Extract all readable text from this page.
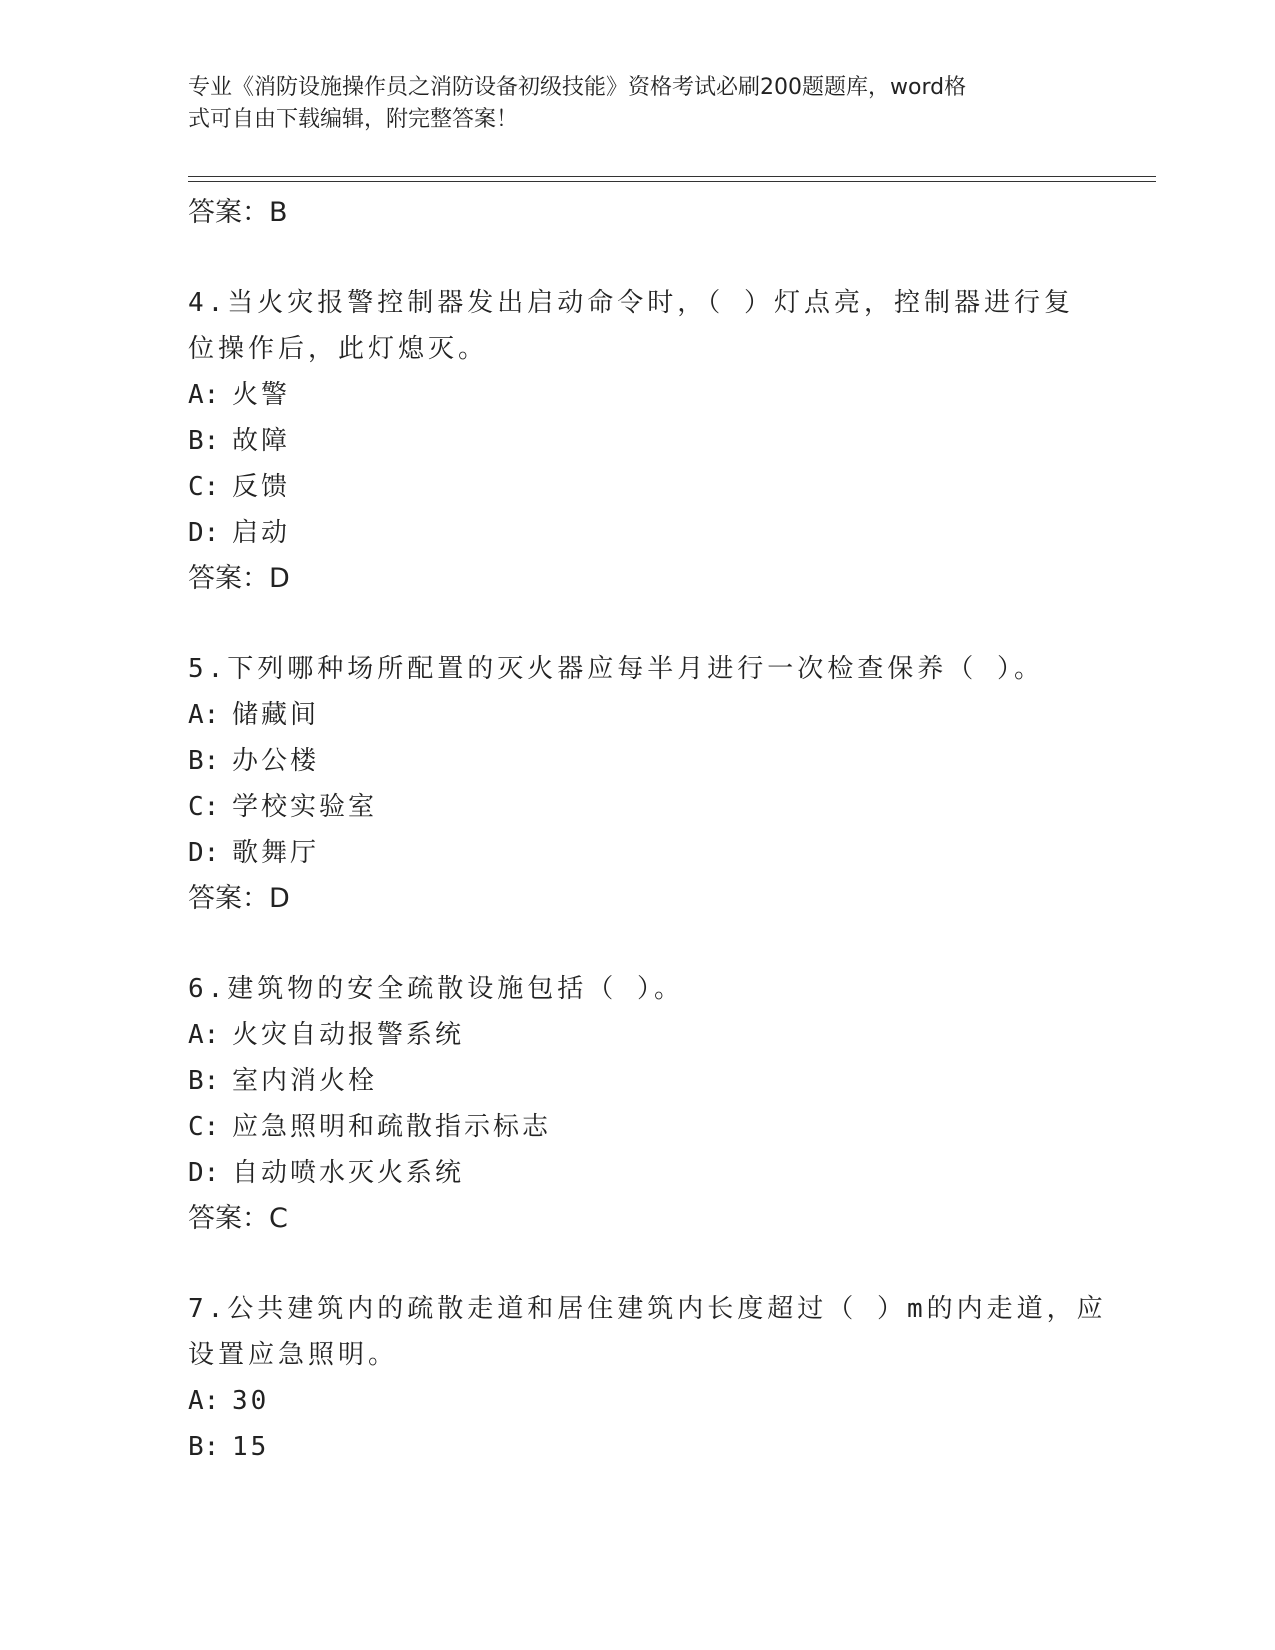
专业《消防设施操作员之消防设备初级技能》资格考试必刷200题题库，word格
式可自由下载编辑，附完整答案！
答案：B
4.当火灾报警控制器发出启动命令时，（ ）灯点亮，控制器进行复
位操作后，此灯熄灭。
A: 火警
B: 故障
C: 反馈
D: 启动
答案：D
5.下列哪种场所配置的灭火器应每半月进行一次检查保养（ ）。
A: 储藏间
B: 办公楼
C: 学校实验室
D: 歌舞厅
答案：D
6.建筑物的安全疏散设施包括（ ）。
A: 火灾自动报警系统
B: 室内消火栓
C: 应急照明和疏散指示标志
D: 自动喷水灭火系统
答案：C
7.公共建筑内的疏散走道和居住建筑内长度超过（ ）m的内走道，应
设置应急照明。
A: 30
B: 15
